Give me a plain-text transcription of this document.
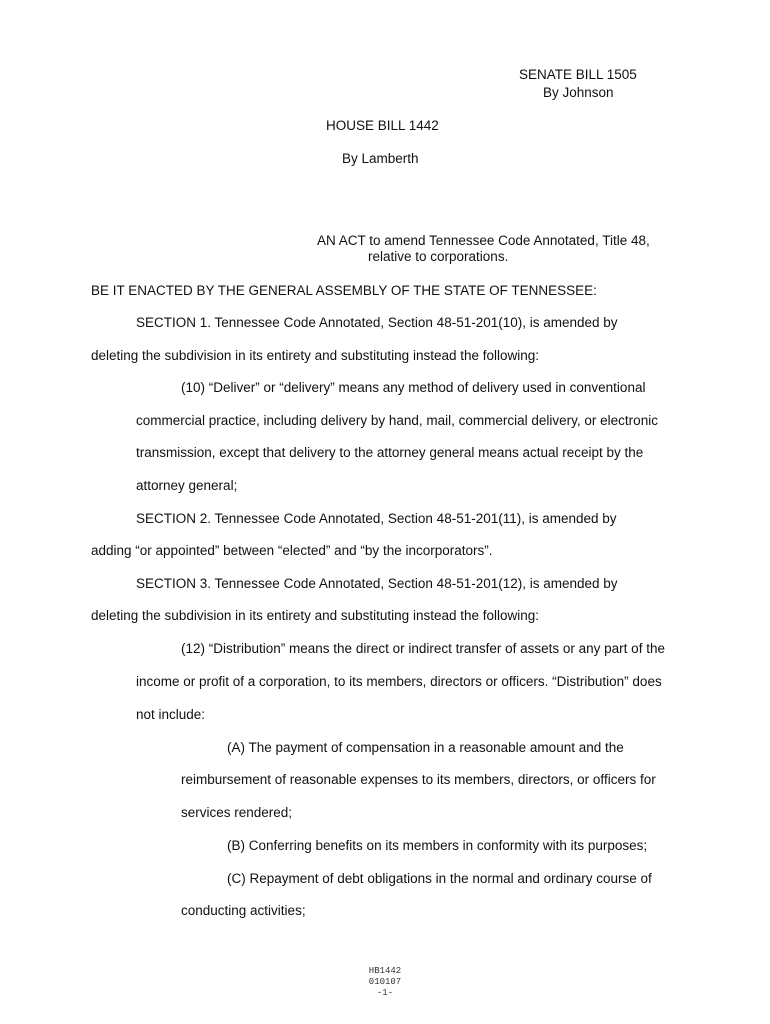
SENATE BILL 1505
By Johnson
HOUSE BILL 1442
By Lamberth
AN ACT to amend Tennessee Code Annotated, Title 48,
relative to corporations.
BE IT ENACTED BY THE GENERAL ASSEMBLY OF THE STATE OF TENNESSEE:
SECTION 1. Tennessee Code Annotated, Section 48-51-201(10), is amended by
deleting the subdivision in its entirety and substituting instead the following:
(10) “Deliver” or “delivery” means any method of delivery used in conventional
commercial practice, including delivery by hand, mail, commercial delivery, or electronic
transmission, except that delivery to the attorney general means actual receipt by the
attorney general;
SECTION 2. Tennessee Code Annotated, Section 48-51-201(11), is amended by
adding “or appointed” between “elected” and “by the incorporators”.
SECTION 3. Tennessee Code Annotated, Section 48-51-201(12), is amended by
deleting the subdivision in its entirety and substituting instead the following:
(12) “Distribution” means the direct or indirect transfer of assets or any part of the
income or profit of a corporation, to its members, directors or officers. “Distribution” does
not include:
(A) The payment of compensation in a reasonable amount and the
reimbursement of reasonable expenses to its members, directors, or officers for
services rendered;
(B) Conferring benefits on its members in conformity with its purposes;
(C) Repayment of debt obligations in the normal and ordinary course of
conducting activities;
HB1442
010107
-1-
